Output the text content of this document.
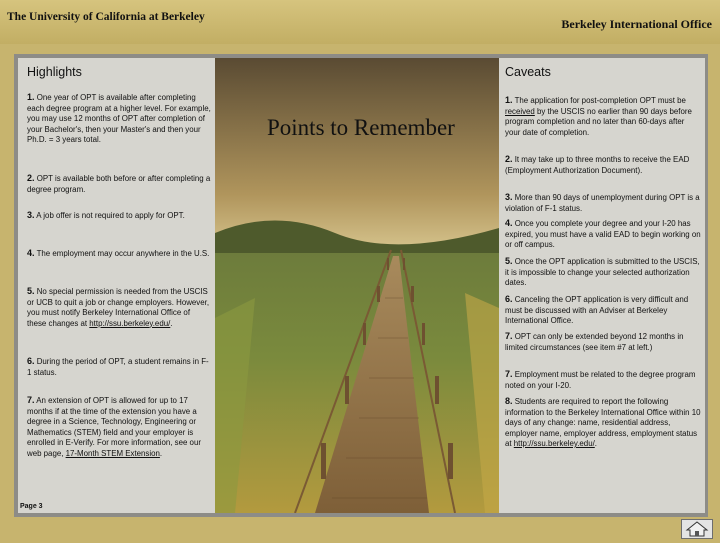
The University of California at Berkeley	Berkeley International Office
Highlights
1. One year of OPT is available after completing each degree program at a higher level. For example, you may use 12 months of OPT after completion of your Bachelor's, then your Master's and then your Ph.D. = 3 years total.
2. OPT is available both before or after completing a degree program.
3. A job offer is not required to apply for OPT.
4. The employment may occur anywhere in the U.S.
5. No special permission is needed from the USCIS or UCB to quit a job or change employers. However, you must notify Berkeley International Office of these changes at http://ssu.berkeley.edu/.
6. During the period of OPT, a student remains in F-1 status.
7. An extension of OPT is allowed for up to 17 months if at the time of the extension you have a degree in a Science, Technology, Engineering or Mathematics (STEM) field and your employer is enrolled in E-Verify. For more information, see our web page, 17-Month STEM Extension.
Points to Remember
Caveats
1. The application for post-completion OPT must be received by the USCIS no earlier than 90 days before program completion and no later than 60-days after your date of completion.
2. It may take up to three months to receive the EAD (Employment Authorization Document).
3. More than 90 days of unemployment during OPT is a violation of F-1 status.
4. Once you complete your degree and your I-20 has expired, you must have a valid EAD to begin working on or off campus.
5. Once the OPT application is submitted to the USCIS, it is impossible to change your selected authorization dates.
6. Canceling the OPT application is very difficult and must be discussed with an Adviser at Berkeley International Office.
7. OPT can only be extended beyond 12 months in limited circumstances (see item #7 at left.)
7. Employment must be related to the degree program noted on your I-20.
8. Students are required to report the following information to the Berkeley International Office within 10 days of any change: name, residential address, employer name, employer address, employment status at http://ssu.berkeley.edu/.
Page 3
